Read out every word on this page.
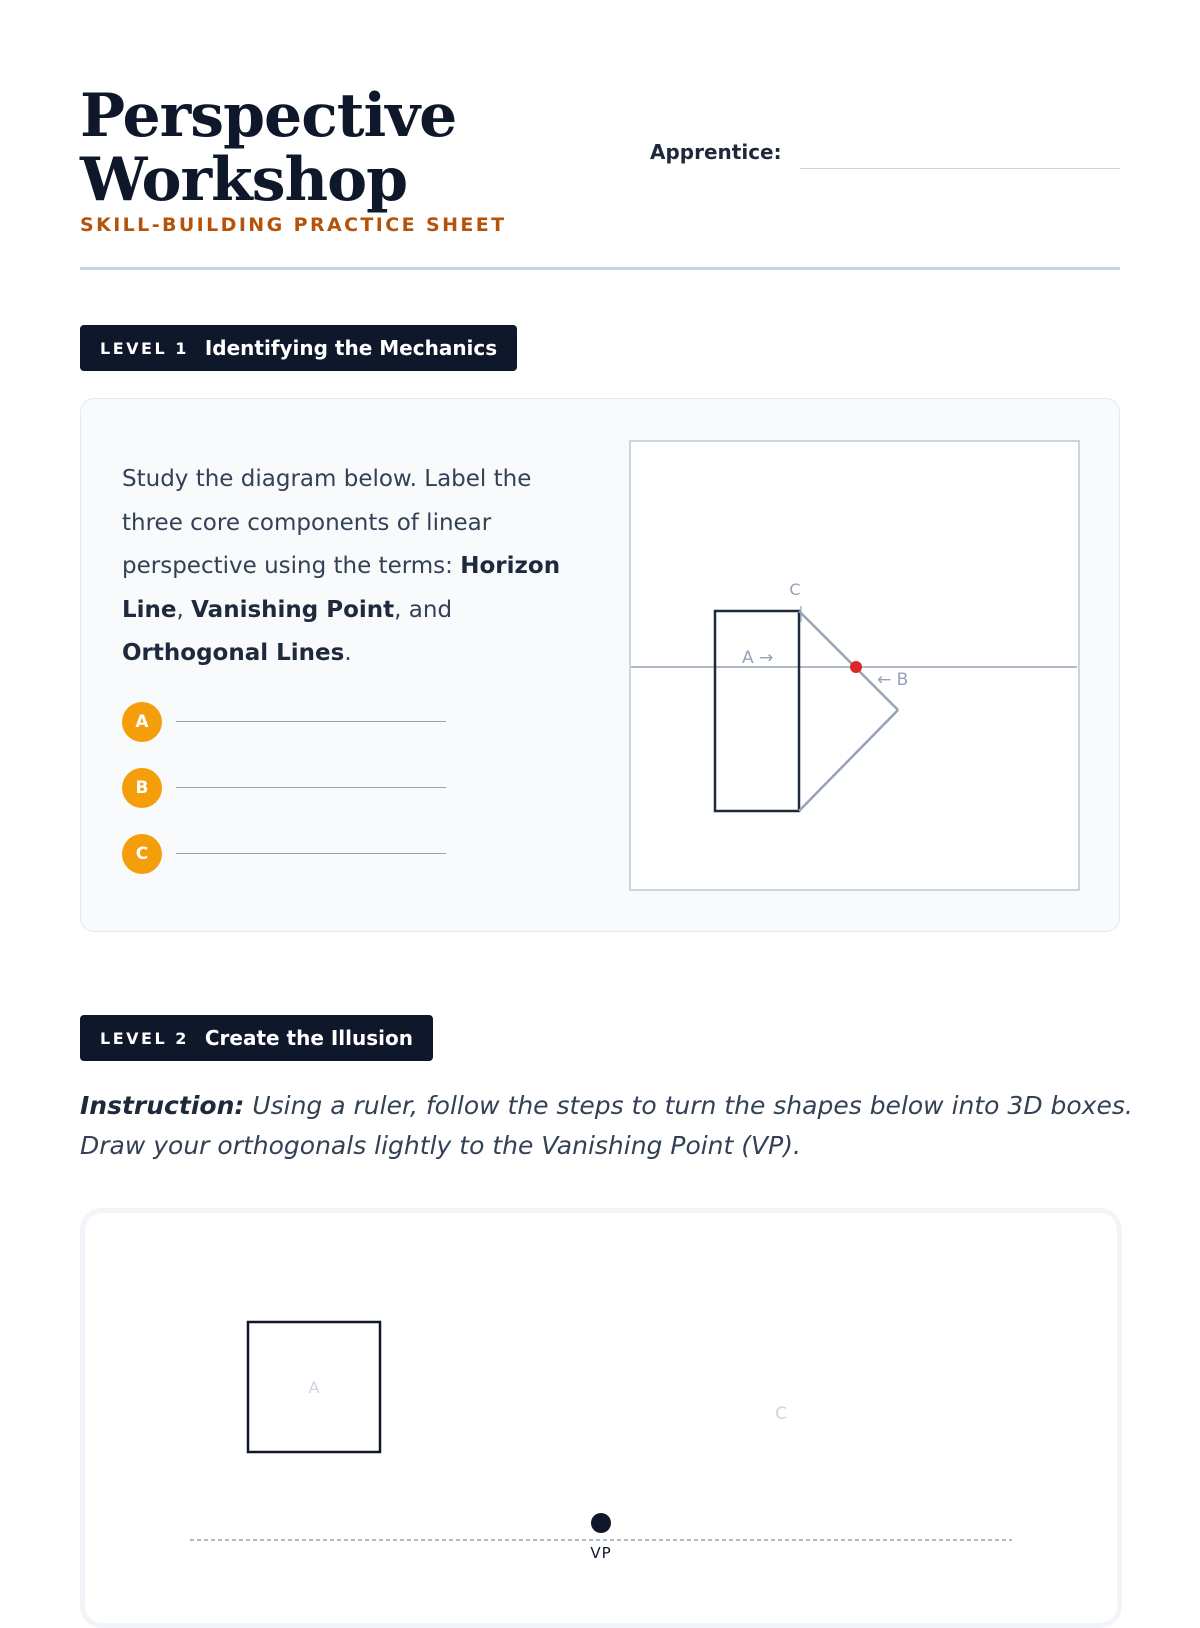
Perspective
Workshop
SKILL-BUILDING PRACTICE SHEET
Apprentice:
LEVEL 1 Identifying the Mechanics
Study the diagram below. Label the three core components of linear perspective using the terms: Horizon Line, Vanishing Point, and Orthogonal Lines.
A
B
C
A →
← B
C
LEVEL 2 Create the Illusion
Instruction: Using a ruler, follow the steps to turn the shapes below into 3D boxes. Draw your orthogonals lightly to the Vanishing Point (VP).
A
C
VP
